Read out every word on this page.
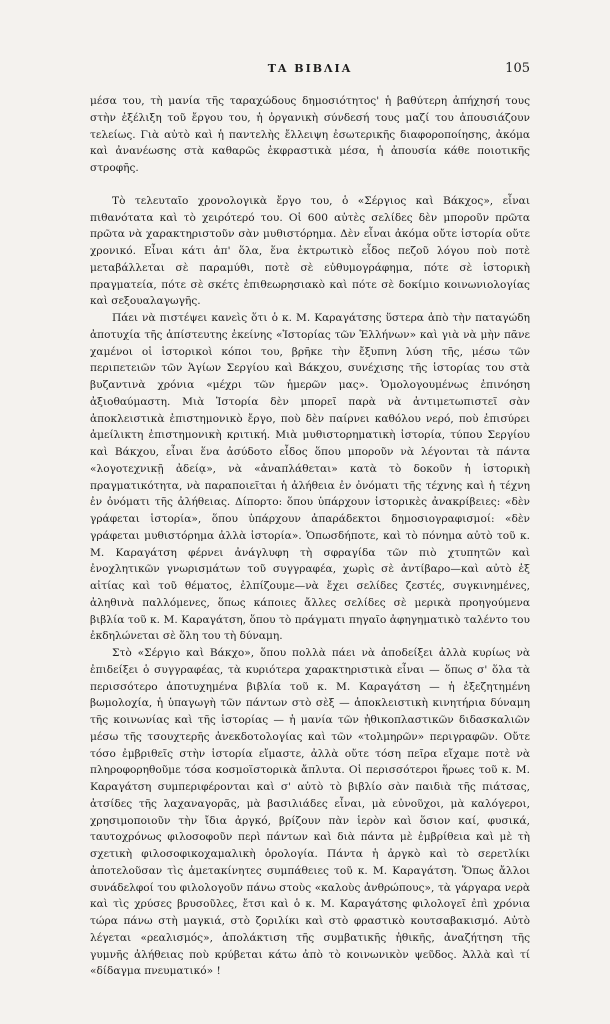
ΤΑ ΒΙΒΛΙΑ	105

μέσα του, τὴ μανία τῆς ταραχώδους δημοσιότητος' ἡ βαθύτερη ἀπήχησή τους στὴν ἐξέλιξη τοῦ ἔργου του, ἡ ὀργανικὴ σύνδεσή τους μαζί του ἀπουσιάζουν τελείως. Γιὰ αὐτὸ καὶ ἡ παντελὴς ἔλλειψη ἐσωτερικῆς διαφοροποίησης, ἀκόμα καὶ ἀνανέωσης στὰ καθαρῶς ἐκφραστικὰ μέσα, ἡ ἀπουσία κάθε ποιοτικῆς στροφῆς.

Τὸ τελευταῖο χρονολογικὰ ἔργο του, ὁ «Σέργιος καὶ Βάκχος», εἶναι πιθανότατα καὶ τὸ χειρότερό του. Οἱ 600 αὐτὲς σελίδες δὲν μποροῦν πρῶτα πρῶτα νὰ χαρακτηριστοῦν σὰν μυθιστόρημα. Δὲν εἶναι ἀκόμα οὔτε ἱστορία οὔτε χρονικό. Εἶναι κάτι ἀπ' ὅλα, ἕνα ἐκτρωτικὸ εἶδος πεζοῦ λόγου ποὺ ποτὲ μεταβάλλεται σὲ παραμύθι, ποτὲ σὲ εὐθυμογράφημα, πότε σὲ ἱστορικὴ πραγματεία, πότε σὲ σκέτς ἐπιθεωρησιακὸ καὶ πότε σὲ δοκίμιο κοινωνιολογίας καὶ σεξουαλαγωγῆς.

Πάει νὰ πιστέψει κανεὶς ὅτι ὁ κ. Μ. Καραγάτσης ὕστερα ἀπὸ τὴν παταγώδη ἀποτυχία τῆς ἀπίστευτης ἐκείνης «Ἱστορίας τῶν Ἑλλήνων» καὶ γιὰ νὰ μὴν πᾶνε χαμένοι οἱ ἱστορικοὶ κόποι του, βρῆκε τὴν ἔξυπνη λύση τῆς, μέσω τῶν περιπετειῶν τῶν Ἁγίων Σεργίου καὶ Βάκχου, συνέχισης τῆς ἱστορίας του στὰ βυζαντινὰ χρόνια «μέχρι τῶν ἡμερῶν μας». Ὁμολογουμένως ἐπινόηση ἀξιοθαύμαστη. Μιὰ Ἱστορία δὲν μπορεῖ παρὰ νὰ ἀντιμετωπιστεῖ σὰν ἀποκλειστικὰ ἐπιστημονικὸ ἔργο, ποὺ δὲν παίρνει καθόλου νερό, ποὺ ἐπισύρει ἀμείλικτη ἐπιστημονικὴ κριτική. Μιὰ μυθιστορηματικὴ ἱστορία, τύπου Σεργίου καὶ Βάκχου, εἶναι ἕνα ἀσύδοτο εἶδος ὅπου μποροῦν νὰ λέγονται τὰ πάντα «λογοτεχνικῇ ἀδείᾳ», νὰ «ἀναπλάθεται» κατὰ τὸ δοκοῦν ἡ ἱστορικὴ πραγματικότητα, νὰ παραποιεῖται ἡ ἀλήθεια ἐν ὀνόματι τῆς τέχνης καὶ ἡ τέχνη ἐν ὀνόματι τῆς ἀλήθειας. Δίπορτο: ὅπου ὑπάρχουν ἱστορικὲς ἀνακρίβειες: «δὲν γράφεται ἱστορία», ὅπου ὑπάρχουν ἀπαράδεκτοι δημοσιογραφισμοί: «δὲν γράφεται μυθιστόρημα ἀλλὰ ἱστορία». Ὁπωσδήποτε, καὶ τὸ πόνημα αὐτὸ τοῦ κ. Μ. Καραγάτση φέρνει ἀνάγλυφη τὴ σφραγίδα τῶν πιὸ χτυπητῶν καὶ ἐνοχλητικῶν γνωρισμάτων τοῦ συγγραφέα, χωρὶς σὲ ἀντίβαρο—καὶ αὐτὸ ἐξ αἰτίας καὶ τοῦ θέματος, ἐλπίζουμε—νὰ ἔχει σελίδες ζεστές, συγκινημένες, ἀληθινὰ παλλόμενες, ὅπως κάποιες ἄλλες σελίδες σὲ μερικὰ προηγούμενα βιβλία τοῦ κ. Μ. Καραγάτση, ὅπου τὸ πράγματι πηγαῖο ἀφηγηματικὸ ταλέντο του ἐκδηλώνεται σὲ ὅλη του τὴ δύναμη.

Στὸ «Σέργιο καὶ Βάκχο», ὅπου πολλὰ πάει νὰ ἀποδείξει ἀλλὰ κυρίως νὰ ἐπιδείξει ὁ συγγραφέας, τὰ κυριότερα χαρακτηριστικὰ εἶναι — ὅπως σ' ὅλα τὰ περισσότερο ἀποτυχημένα βιβλία τοῦ κ. Μ. Καραγάτση — ἡ ἐξεζητημένη βωμολοχία, ἡ ὑπαγωγὴ τῶν πάντων στὸ σὲξ — ἀποκλειστικὴ κινητήρια δύναμη τῆς κοινωνίας καὶ τῆς ἱστορίας — ἡ μανία τῶν ἠθικοπλαστικῶν διδασκαλιῶν μέσω τῆς τσουχτερῆς ἀνεκδοτολογίας καὶ τῶν «τολμηρῶν» περιγραφῶν. Οὔτε τόσο ἐμβριθεῖς στὴν ἱστορία εἴμαστε, ἀλλὰ οὔτε τόση πεῖρα εἴχαμε ποτὲ νὰ πληροφορηθοῦμε τόσα κοσμοϊστορικὰ ἄπλυτα. Οἱ περισσότεροι ἥρωες τοῦ κ. Μ. Καραγάτση συμπεριφέρονται καὶ σ' αὐτὸ τὸ βιβλίο σὰν παιδιὰ τῆς πιάτσας, ἀτσίδες τῆς λαχαναγορᾶς, μὰ βασιλιάδες εἶναι, μὰ εὐνοῦχοι, μὰ καλόγεροι, χρησιμοποιοῦν τὴν ἴδια ἀργκό, βρίζουν πὰν ἱερὸν καὶ ὅσιον καί, φυσικά, ταυτοχρόνως φιλοσοφοῦν περὶ πάντων καὶ διὰ πάντα μὲ ἐμβρίθεια καὶ μὲ τὴ σχετικὴ φιλοσοφικοχαμαλικὴ ὁρολογία. Πάντα ἡ ἀργκὸ καὶ τὸ σερετλίκι ἀποτελοῦσαν τὶς ἀμετακίνητες συμπάθειες τοῦ κ. Μ. Καραγάτση. Ὅπως ἄλλοι συνάδελφοί του φιλολογοῦν πάνω στοὺς «καλοὺς ἀνθρώπους», τὰ γάργαρα νερὰ καὶ τὶς χρύσες βρυσοῦλες, ἔτσι καὶ ὁ κ. Μ. Καραγάτσης φιλολογεῖ ἐπὶ χρόνια τώρα πάνω στὴ μαγκιά, στὸ ζοριλίκι καὶ στὸ φραστικὸ κουτσαβακισμό. Αὐτὸ λέγεται «ρεαλισμός», ἀπολάκτιση τῆς συμβατικῆς ἠθικῆς, ἀναζήτηση τῆς γυμνῆς ἀλήθειας ποὺ κρύβεται κάτω ἀπὸ τὸ κοινωνικὸν ψεῦδος. Ἀλλὰ καὶ τί «δίδαγμα πνευματικό» !
